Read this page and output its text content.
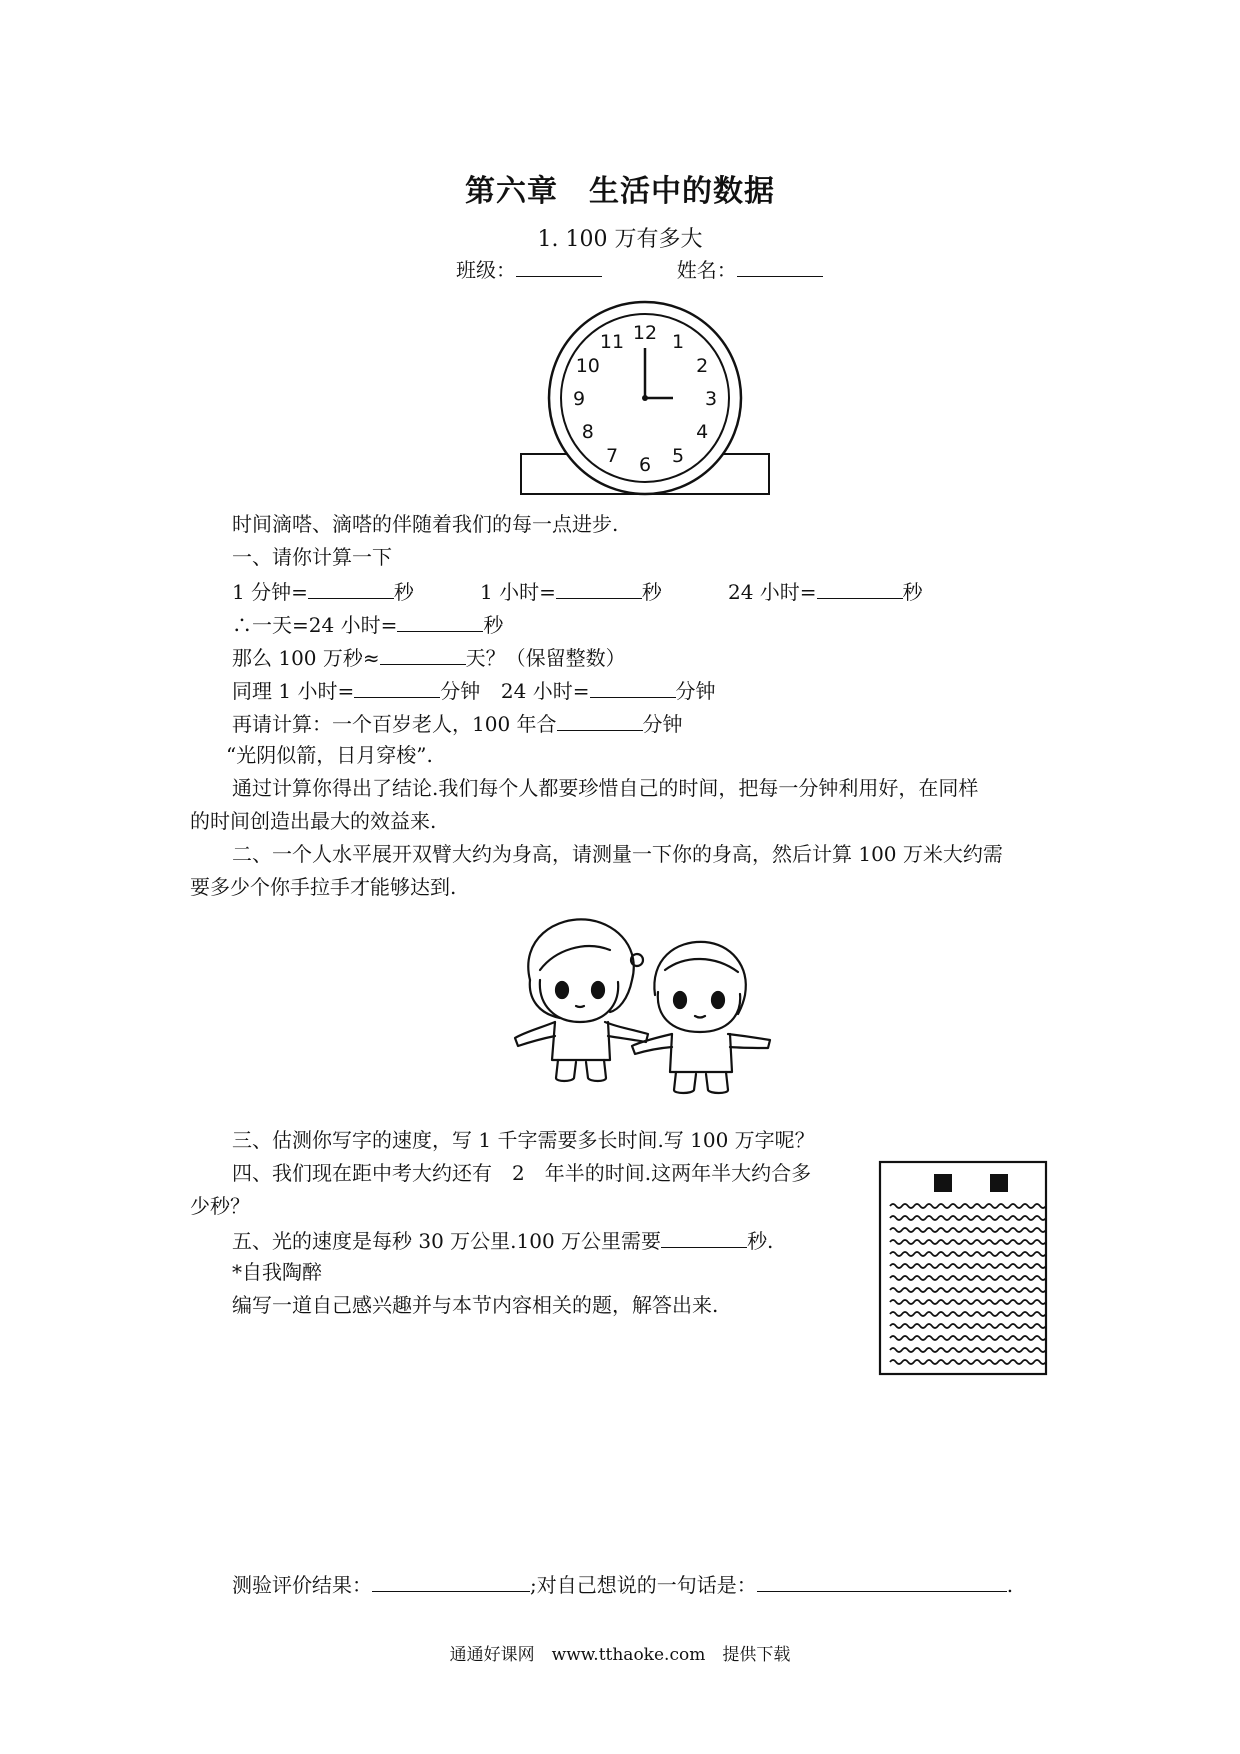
第六章　生活中的数据
1. 100 万有多大
班级：	姓名：
12 1
2
3
4
5
6
7
8
9
10
11
时间滴嗒、滴嗒的伴随着我们的每一点进步.
一、请你计算一下
1 分钟=	秒	1 小时=	秒	24 小时=	秒
∴一天=24 小时=	秒
那么 100 万秒≈	天？（保留整数）
同理 1 小时=	分钟 24 小时=	分钟
再请计算：一个百岁老人，100 年合	分钟
“光阴似箭，日月穿梭”.
通过计算你得出了结论.我们每个人都要珍惜自己的时间，把每一分钟利用好，在同样
的时间创造出最大的效益来.
二、一个人水平展开双臂大约为身高，请测量一下你的身高，然后计算 100 万米大约需
要多少个你手拉手才能够达到.
三、估测你写字的速度，写 1 千字需要多长时间.写 100 万字呢？
四、我们现在距中考大约还有　2　年半的时间.这两年半大约合多
少秒？
五、光的速度是每秒 30 万公里.100 万公里需要	秒.
*自我陶醉
编写一道自己感兴趣并与本节内容相关的题，解答出来.
测验评价结果：	;对自己想说的一句话是：	.
通通好课网　www.tthaoke.com　提供下载
